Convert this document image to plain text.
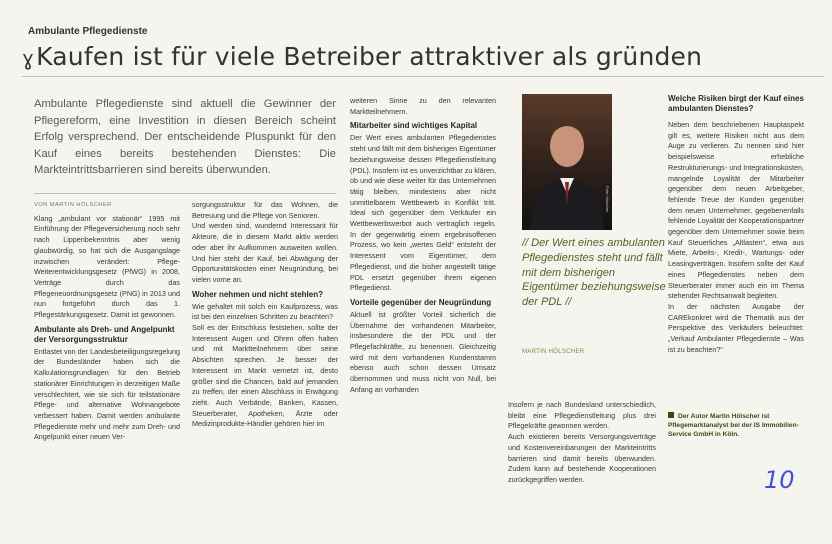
Ambulante Pflegedienste
ɣKaufen ist für viele Betreiber attraktiver als gründen
Ambulante Pflegedienste sind aktuell die Gewinner der Pflegereform, eine Investition in diesen Bereich scheint Erfolg versprechend. Der entscheidende Pluspunkt für den Kauf eines bereits bestehenden Dienstes: Die Markteintrittsbarrieren sind bereits überwunden.

VON MARTIN HÖLSCHER

Klang „ambulant vor stationär“ 1995 mit Einführung der Pflegeversicherung noch sehr nach Lippenbekenntnis aber wenig glaubwürdig, so hat sich die Ausgangslage inzwischen verändert: Pflege-Weiterentwicklungsgesetz (PfWG) in 2008, Verträge durch das Pflegeneuordnungsgesetz (PNG) in 2013 und nun fortgeführt durch das 1. Pflegestärkungsgesetz. Damit ist gewonnen.

Ambulante als Dreh- und Angelpunkt der Versorgungsstruktur

Entlastet von der Landesbeteiligungsregelung der Bundesländer haben sich die Kalkulationsgrundlagen für den Betrieb stationärer Einrichtungen in derzeitigen Maße verschlechtert, wie sie sich für teilstationäre Pflege- und alternative Wohnangebote verbessert haben. Damit werden ambulante Pflegedienste mehr und mehr zum Dreh- und Angelpunkt einer neuen Ver-

sorgungsstruktur für das Wohnen, die Betreuung und die Pflege von Senioren.

Und werden sind, wundernd Interessant für Akteure, die in diesem Markt aktiv werden oder aber ihr Aufkommen ausweiten wollen. Und hier steht der Kauf, bei Abwägung der Opportunitätskosten einer Neugründung, bei vielen vorne an.

Woher nehmen und nicht stehlen?

Wie gehaltet mit solch ein Kaufprozess, was ist bei den einzelnen Schritten zu beachten?

Soll es der Entschluss feststehen, sollte der Interessent Augen und Ohren offen halten und mit Marktteilnehmern über seine Absichten sprechen. Je besser der Interessent im Markt vernetzt ist, desto größer sind die Chancen, bald auf jemanden zu treffen, der einen Abschluss in Erwägung zieht. Auch Verbände, Banken, Kassen, Steuerberater, Apotheken, Ärzte oder Medizinprodukte-Händler gehören hier im

weiteren Sinne zu den relevanten Marktteilnehmern.

Mitarbeiter sind wichtiges Kapital

Der Wert eines ambulanten Pflegedienstes steht und fällt mit dem bisherigen Eigentümer beziehungsweise dessen Pflegedienstleitung (PDL). Insofern ist es unverzichtbar zu klären, ob und wie diese weiter für das Unternehmen tätig bleiben, mindestens aber nicht unmittelbarem Wettbewerb in Konflikt tritt. Ideal sich gegenüber dem Verkäufer ein Wettbewerbsverbot auch vertraglich regeln. In der gegenwärtig einem ergebnisoffenen Prozess, wo kein „wertes Geld“ entsteht der Interessent vom Eigentümer, dem Pflegedienst, und die bisher angestellt tätige PDL ersetzt gegenüber ihrem eigenen Pflegedienst.

Vorteile gegenüber der Neugründung

Aktuell ist größter Vorteil sicherlich die Übernahme der vorhandenen Mitarbeiter, insbesondere die der PDL und der Pflegefachkräfte, zu benennen. Gleichzeitig wird mit dem vorhandenen Kundenstamm ebenso auch schon dessen Umsatz übernommen und muss nicht von Null, bei Anfang an vorhanden

Foto: Hölscher
// Der Wert eines ambulanten Pflegedienstes steht und fällt mit dem bisherigen Eigentümer beziehungsweise der PDL //
MARTIN HÖLSCHER

Insofern je nach Bundesland unterschiedlich, bleibt eine Pflegedienstleitung plus drei Pflegekräfte gewonnen werden.

Auch existieren bereits Versorgungsverträge und Kostenvereinbarungen der Markteintritts barrieren sind damit bereits überwunden. Zudem kann auf bestehende Kooperationen zurückgegriffen werden.

Welche Risiken birgt der Kauf eines ambulanten Dienstes?

Neben dem beschriebenen Hauptaspekt gilt es, weitere Risiken nicht aus dem Auge zu verlieren. Zu nennen sind hier beispielsweise erhebliche Restrukturierungs- und Integrationskosten, mangelnde Loyalität der Mitarbeiter gegenüber dem neuen Arbeitgeber, fehlende Treue der Kunden gegenüber dem neuen Unternehmer, gegebenenfalls fehlende Loyalität der Kooperationspartner gegenüber dem Unternehmer sowie beim Kauf Steuerliches „Altlasten“, etwa aus Miete, Arbeits-, Kredit-, Wartungs- oder Leasingverträgen. Insofern sollte der Kauf eines Pflegedienstes neben dem Steuerberater immer auch ein im Thema stehender Rechtsanwalt begleiten.

In der nächsten Ausgabe der CAREkonkret wird die Thematik aus der Perspektive des Verkäufers beleuchtet: „Verkauf Ambulanter Pflegedienste – Was ist zu beachten?“

Der Autor Martin Hölscher ist Pflegemarktanalyst bei der IS Immobilien-Service GmbH in Köln.
10
